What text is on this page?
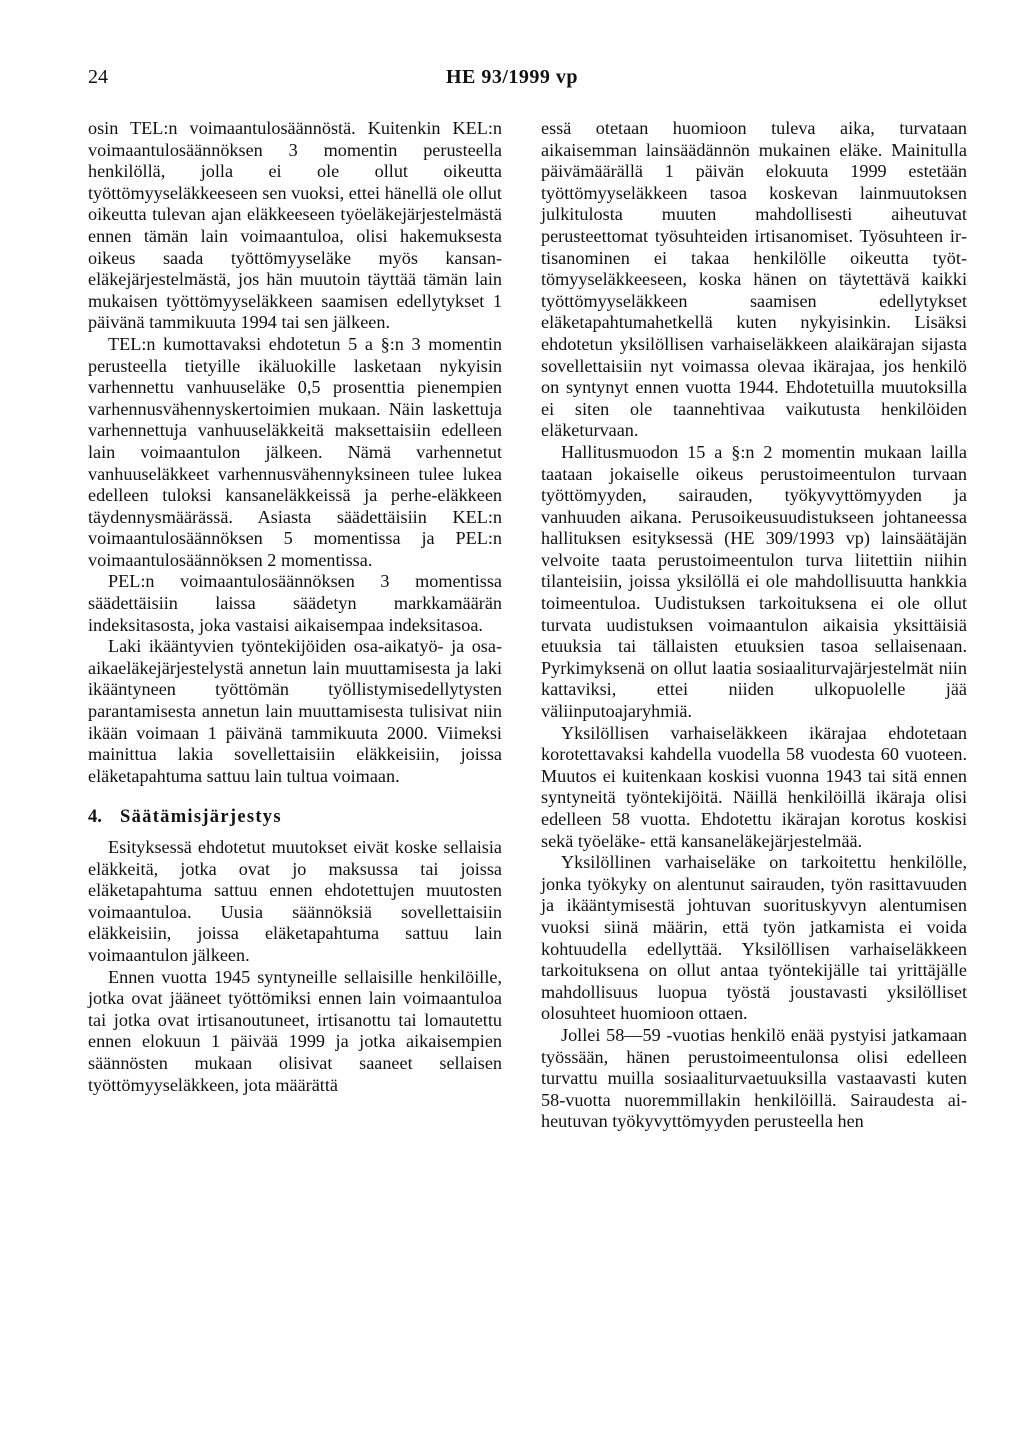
24	HE 93/1999 vp

osin TEL:n voimaantulosäännöstä. Kuitenkin KEL:n voimaantulosäännöksen 3 momentin perusteella henkilöllä, jolla ei ole ollut oikeutta työttömyyseläkkeeseen sen vuoksi, ettei hänellä ole ollut oikeutta tulevan ajan eläkkeeseen työeläkejärjestelmästä ennen tämän lain voimaantuloa, olisi hakemuksesta oikeus saada työttömyyseläke myös kansaneläkejärjestelmästä, jos hän muutoin täyttää tämän lain mukaisen työttömyyseläkkeen saamisen edellytykset 1 päivänä tammikuuta 1994 tai sen jälkeen.

TEL:n kumottavaksi ehdotetun 5 a §:n 3 momentin perusteella tietyille ikäluokille lasketaan nykyisin varhennettu vanhuuseläke 0,5 prosenttia pienempien varhennusvähennyskertoimien mukaan. Näin laskettuja varhennettuja vanhuuseläkkeitä maksettaisiin edelleen lain voimaantulon jälkeen. Nämä varhennetut vanhuuseläkkeet varhennusvähennyksineen tulee lukea edelleen tuloksi kansaneläkkeissä ja perhe-eläkkeen täydennysmäärässä. Asiasta säädettäisiin KEL:n voimaantulosäännöksen 5 momentissa ja PEL:n voimaantulosäännöksen 2 momentissa.

PEL:n voimaantulosäännöksen 3 momentissa säädettäisiin laissa säädetyn markkamäärän indeksitasosta, joka vastaisi aikaisempaa indeksitasoa.

Laki ikääntyvien työntekijöiden osa-aikatyö- ja osa-aikaeläkejärjestelystä annetun lain muuttamisesta ja laki ikääntyneen työttömän työllistymisedellytysten parantamisesta annetun lain muuttamisesta tulisivat niin ikään voimaan 1 päivänä tammikuuta 2000. Viimeksi mainittua lakia sovellettaisiin eläkkeisiin, joissa eläketapahtuma sattuu lain tultua voimaan.

4. Säätämisjärjestys

Esityksessä ehdotetut muutokset eivät koske sellaisia eläkkeitä, jotka ovat jo maksussa tai joissa eläketapahtuma sattuu ennen ehdotettujen muutosten voimaantuloa. Uusia säännöksiä sovellettaisiin eläkkeisiin, joissa eläketapahtuma sattuu lain voimaantulon jälkeen.

Ennen vuotta 1945 syntyneille sellaisille henkilöille, jotka ovat jääneet työttömiksi ennen lain voimaantuloa tai jotka ovat irtisanoutuneet, irtisanottu tai lomautettu ennen elokuun 1 päivää 1999 ja jotka aikaisempien säännösten mukaan olisivat saaneet sellaisen työttömyyseläkkeen, jota määrättä

essä otetaan huomioon tuleva aika, turvataan aikaisemman lainsäädännön mukainen eläke. Mainitulla päivämäärällä 1 päivän elokuuta 1999 estetään työttömyyseläkkeen tasoa koskevan lainmuutoksen julkitulosta muuten mahdollisesti aiheutuvat perusteettomat työsuhteiden irtisanomiset. Työsuhteen irtisanominen ei takaa henkilölle oikeutta työttömyyseläkkeeseen, koska hänen on täytettävä kaikki työttömyyseläkkeen saamisen edellytykset eläketapahtumahetkellä kuten nykyisinkin. Lisäksi ehdotetun yksilöllisen varhaiseläkkeen alaikärajan sijasta sovellettaisiin nyt voimassa olevaa ikärajaa, jos henkilö on syntynyt ennen vuotta 1944. Ehdotetuilla muutoksilla ei siten ole taannehtivaa vaikutusta henkilöiden eläketurvaan.

Hallitusmuodon 15 a §:n 2 momentin mukaan lailla taataan jokaiselle oikeus perustoimeentulon turvaan työttömyyden, sairauden, työkyvyttömyyden ja vanhuuden aikana. Perusoikeusuudistukseen johtaneessa hallituksen esityksessä (HE 309/1993 vp) lainsäätäjän velvoite taata perustoimeentulon turva liitettiin niihin tilanteisiin, joissa yksilöllä ei ole mahdollisuutta hankkia toimeentuloa. Uudistuksen tarkoituksena ei ole ollut turvata uudistuksen voimaantulon aikaisia yksittäisiä etuuksia tai tällaisten etuuksien tasoa sellaisenaan. Pyrkimyksenä on ollut laatia sosiaaliturvajärjestelmät niin kattaviksi, ettei niiden ulkopuolelle jää väliinputoajaryhmiä.

Yksilöllisen varhaiseläkkeen ikärajaa ehdotetaan korotettavaksi kahdella vuodella 58 vuodesta 60 vuoteen. Muutos ei kuitenkaan koskisi vuonna 1943 tai sitä ennen syntyneitä työntekijöitä. Näillä henkilöillä ikäraja olisi edelleen 58 vuotta. Ehdotettu ikärajan korotus koskisi sekä työeläke- että kansaneläkejärjestelmää.

Yksilöllinen varhaiseläke on tarkoitettu henkilölle, jonka työkyky on alentunut sairauden, työn rasittavuuden ja ikääntymisestä johtuvan suorituskyvyn alentumisen vuoksi siinä määrin, että työn jatkamista ei voida kohtuudella edellyttää. Yksilöllisen varhaiseläkkeen tarkoituksena on ollut antaa työntekijälle tai yrittäjälle mahdollisuus luopua työstä joustavasti yksilölliset olosuhteet huomioon ottaen.

Jollei 58—59 -vuotias henkilö enää pystyisi jatkamaan työssään, hänen perustoimeentulonsa olisi edelleen turvattu muilla sosiaaliturvaetuuksilla vastaavasti kuten 58-vuotta nuoremmillakin henkilöillä. Sairaudesta aiheutuvan työkyvyttömyyden perusteella hen
